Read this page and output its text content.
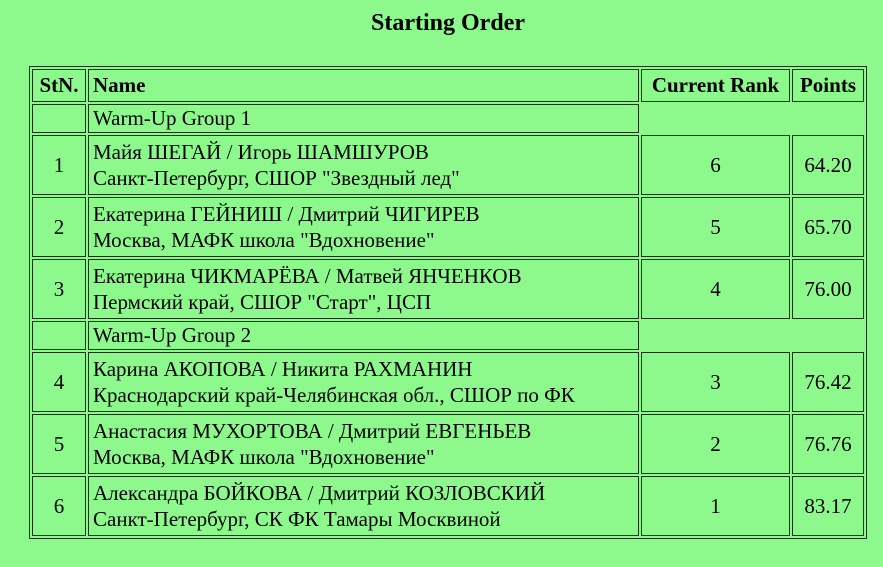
Starting Order
StN.	Name	Current Rank	Points
	Warm-Up Group 1		
1	Майя ШЕГАЙ / Игорь ШАМШУРОВ
Санкт-Петербург, СШОР "Звездный лед"	6	64.20
2	Екатерина ГЕЙНИШ / Дмитрий ЧИГИРЕВ
Москва, МАФК школа "Вдохновение"	5	65.70
3	Екатерина ЧИКМАРЁВА / Матвей ЯНЧЕНКОВ
Пермский край, СШОР "Старт", ЦСП	4	76.00
	Warm-Up Group 2		
4	Карина АКОПОВА / Никита РАХМАНИН
Краснодарский край-Челябинская обл., СШОР по ФК	3	76.42
5	Анастасия МУХОРТОВА / Дмитрий ЕВГЕНЬЕВ
Москва, МАФК школа "Вдохновение"	2	76.76
6	Александра БОЙКОВА / Дмитрий КОЗЛОВСКИЙ
Санкт-Петербург, СК ФК Тамары Москвиной	1	83.17
